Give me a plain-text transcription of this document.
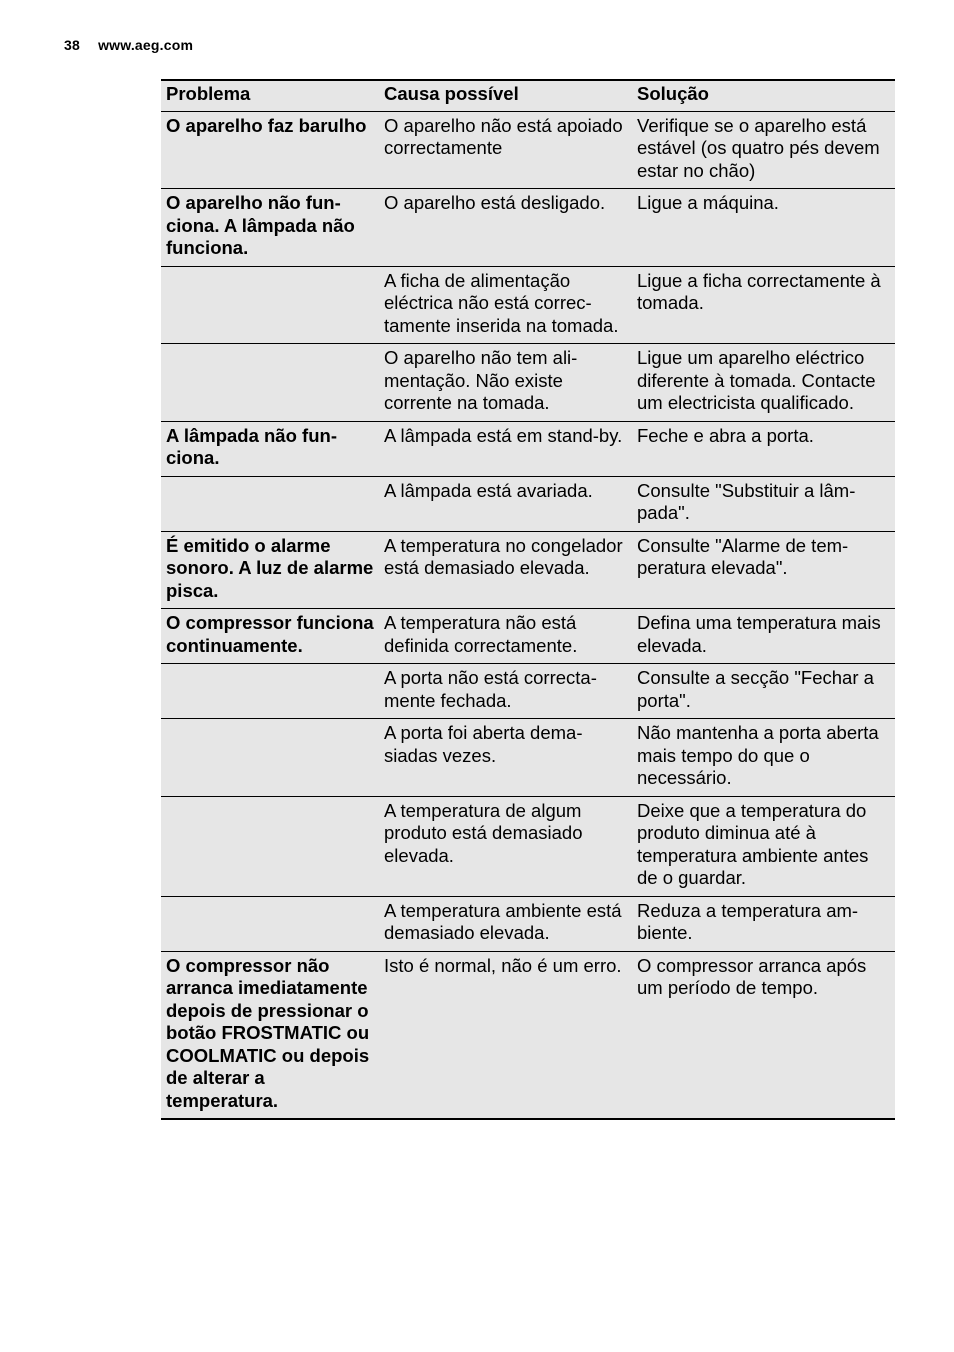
38 www.aeg.com
Problema	Causa possível	Solução
O aparelho faz barulho	O aparelho não está apoiado correctamente	Verifique se o aparelho está estável (os quatro pés devem estar no chão)
O aparelho não funciona. A lâmpada não funciona.	O aparelho está desligado.	Ligue a máquina.
	A ficha de alimentação eléctrica não está correctamente inserida na tomada.	Ligue a ficha correctamente à tomada.
	O aparelho não tem alimentação. Não existe corrente na tomada.	Ligue um aparelho eléctrico diferente à tomada. Contacte um electricista qualificado.
A lâmpada não funciona.	A lâmpada está em stand-by.	Feche e abra a porta.
	A lâmpada está avariada.	Consulte "Substituir a lâmpada".
É emitido o alarme sonoro. A luz de alarme pisca.	A temperatura no congelador está demasiado elevada.	Consulte "Alarme de temperatura elevada".
O compressor funciona continuamente.	A temperatura não está definida correctamente.	Defina uma temperatura mais elevada.
	A porta não está correctamente fechada.	Consulte a secção "Fechar a porta".
	A porta foi aberta demasiadas vezes.	Não mantenha a porta aberta mais tempo do que o necessário.
	A temperatura de algum produto está demasiado elevada.	Deixe que a temperatura do produto diminua até à temperatura ambiente antes de o guardar.
	A temperatura ambiente está demasiado elevada.	Reduza a temperatura ambiente.
O compressor não arranca imediatamente depois de pressionar o botão FROSTMATIC ou COOLMATIC ou depois de alterar a temperatura.	Isto é normal, não é um erro.	O compressor arranca após um período de tempo.
